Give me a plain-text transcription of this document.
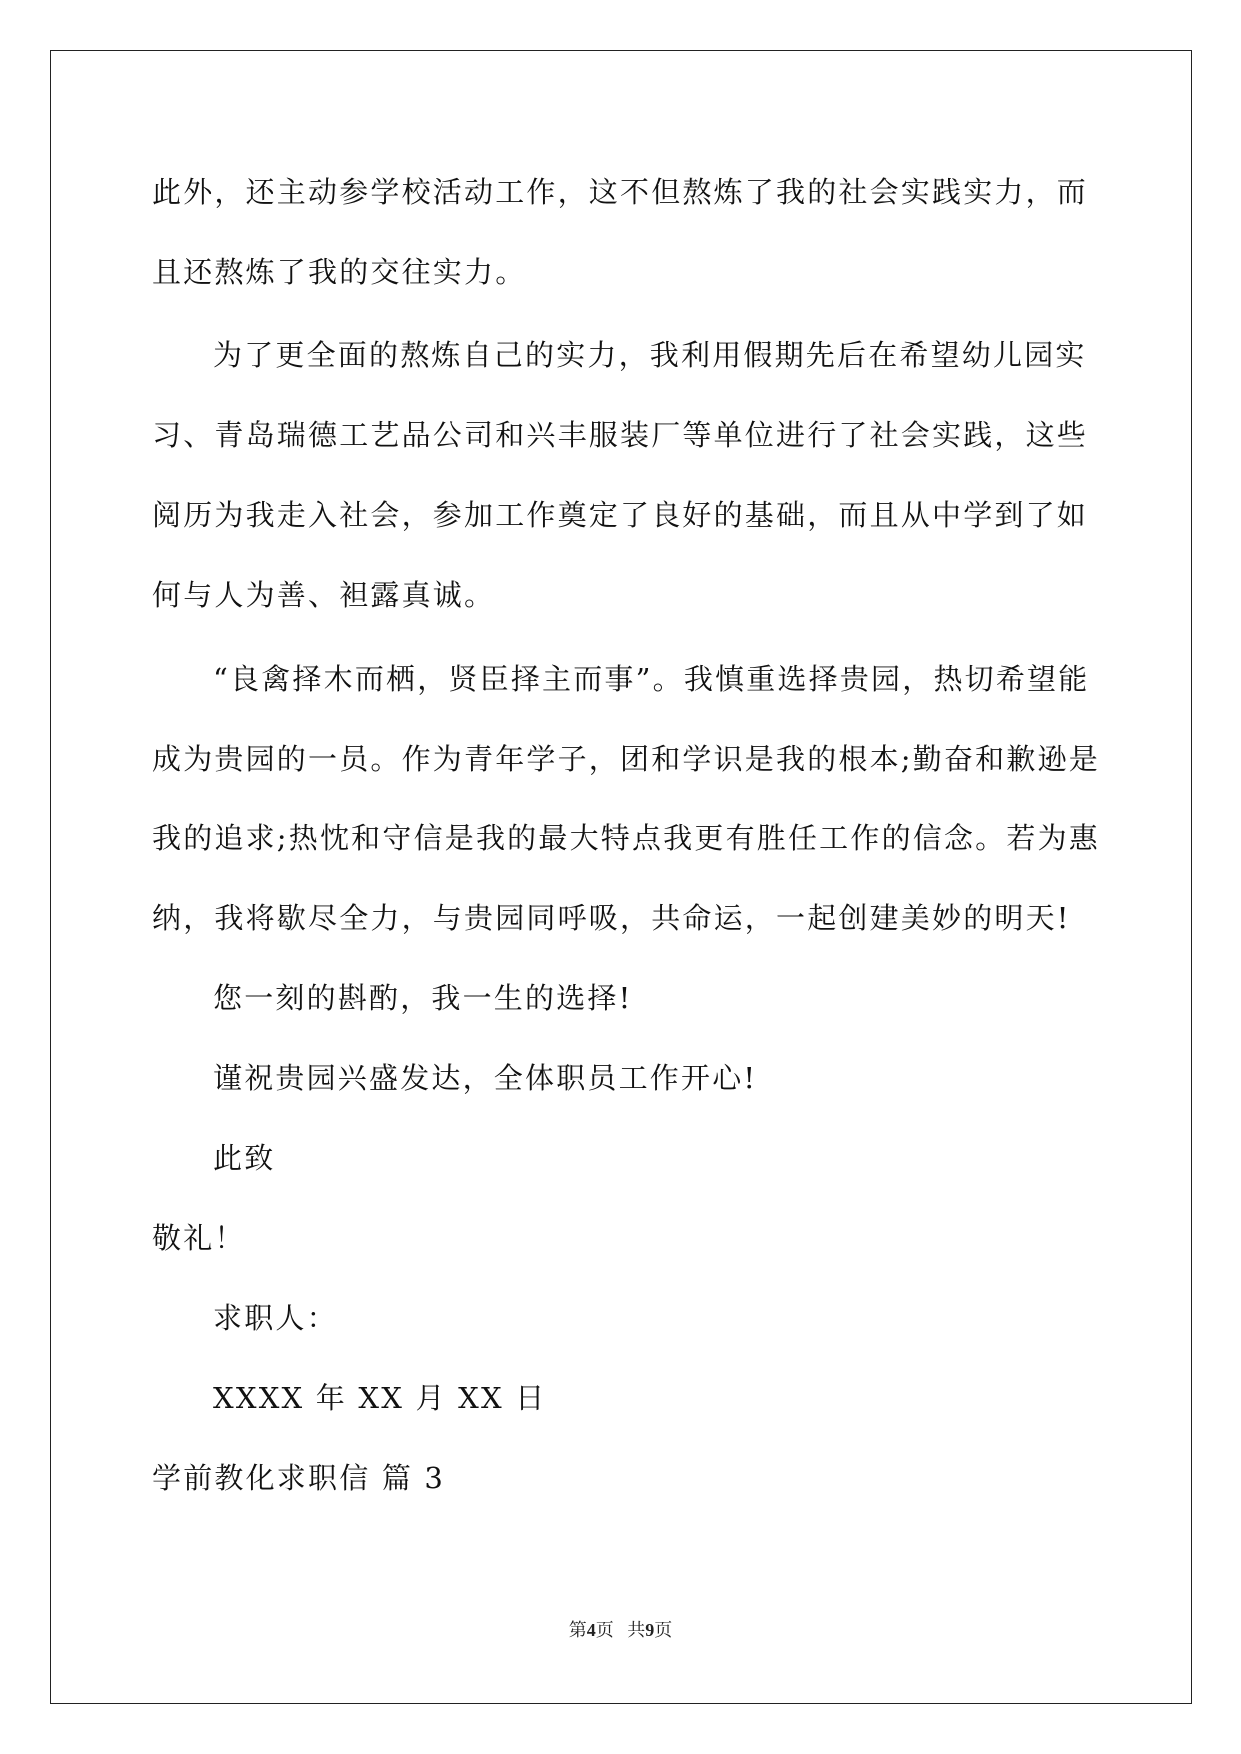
此外，还主动参学校活动工作，这不但熬炼了我的社会实践实力，而
且还熬炼了我的交往实力。
为了更全面的熬炼自己的实力，我利用假期先后在希望幼儿园实
习、青岛瑞德工艺品公司和兴丰服装厂等单位进行了社会实践，这些
阅历为我走入社会，参加工作奠定了良好的基础，而且从中学到了如
何与人为善、袒露真诚。
“良禽择木而栖，贤臣择主而事”。我慎重选择贵园，热切希望能
成为贵园的一员。作为青年学子，团和学识是我的根本;勤奋和歉逊是
我的追求;热忱和守信是我的最大特点我更有胜任工作的信念。若为惠
纳，我将歇尽全力，与贵园同呼吸，共命运，一起创建美妙的明天!
您一刻的斟酌，我一生的选择!
谨祝贵园兴盛发达，全体职员工作开心!
此致
敬礼！
求职人：
XXXX 年 XX 月 XX 日
学前教化求职信 篇 3
第4页 共9页
